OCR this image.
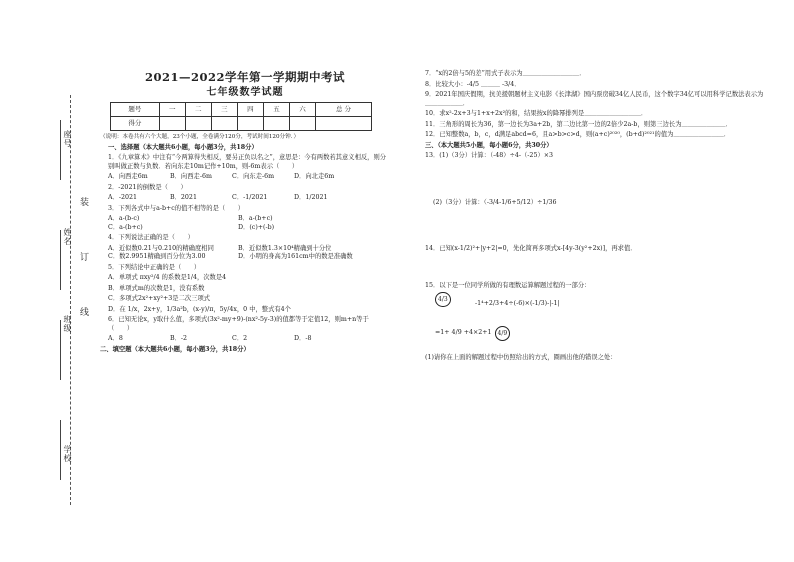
座号
姓名
班级
学校
装
订
线
2021—2022学年第一学期期中考试
七年级数学试题
题号	一	二	三	四	五	六	总 分
得分							
（说明：本卷共有六个大题，23个小题，全卷满分120分，考试时间120分钟．）
一、选择题（本大题共6小题，每小题3分，共18分）
1．《九章算术》中注有“今两算得失相反，要另正负以名之”，意思是：今有两数若其意义相反，则分别叫做正数与负数．若向东走10m记作+10m，则-6m表示（　　）
A．向西走6m	B．向西走-6m	C．向东走-6m	D．向北走6m
2．-2021的倒数是（　　）
A．-2021	B．2021	C．-1/2021	D．1/2021
3．下列各式中与a-b+c的值不相等的是（　　）
A．a-(b-c)	B．a-(b+c)
C．a-(b+c)	D．(c)+(-b)
4．下列说法正确的是（　　）
A．近似数0.21与0.210的精确度相同	B．近似数1.3×10⁴精确到十分位
C．数2.9951精确到百分位为3.00	D．小明的身高为161cm中的数是准确数
5．下列结论中正确的是（　　）
A．单项式 πxy²/4 的系数是1/4，次数是4
B．单项式m的次数是1，没有系数
C．多项式2x²+xy²+3是二次三项式
D．在 1/x，2x+y，1/3a²b，(x-y)/π，5y/4x，0 中，整式有4个
6．已知无论x，y取什么值，多项式(3x²-my+9)-(nx²-5y-3)的值都等于定值12，则m+n等于（　　）
A．8	B．-2	C．2	D．-8
二、填空题（本大题共6小题，每小题3分，共18分）
7．“x的2倍与5的差”用式子表示为＿＿＿＿＿＿＿＿＿．
8．比较大小：-4/5 ＿＿＿ -3/4．
9．2021年国庆假期，抗美援朝题材主义电影《长津湖》国内票房破34亿人民币，这个数字34亿可以用科学记数法表示为＿＿＿＿＿＿．
10．求x²-2x+3与1+x+2x²的和，结果按x的降幂排列是＿＿＿＿＿＿＿＿＿．
11．三角形的周长为36，第一边长为3a+2b，第二边比第一边的2倍少2a-b，则第三边长为＿＿＿＿＿＿＿．
12．已知整数a，b，c，d满足abcd=6，且a>b>c>d，则(a+c)²⁰²⁰，(b+d)²⁰²¹的值为＿＿＿＿＿＿＿＿．
三、（本大题共5小题，每小题6分，共30分）
13．(1)（3分）计算：（-48）÷4-（-25）×3
(2)（3分）计算：（-3/4-1/6+5/12）÷1/36
14．已知(x-1/2)²+|y+2|=0，先化简再多项式x-[4y-3(y²+2x)]，再求值．
15．以下是一位同学所做的有理数运算解题过程的一部分：
4/3
-1⁴+2/3+4÷(-6)×(-1/3)-|-1|
=1+ 4/9 +4×2+1	4/9
(1)请你在上面的解题过程中仿照给出的方式，圈画出他的错误之处：
